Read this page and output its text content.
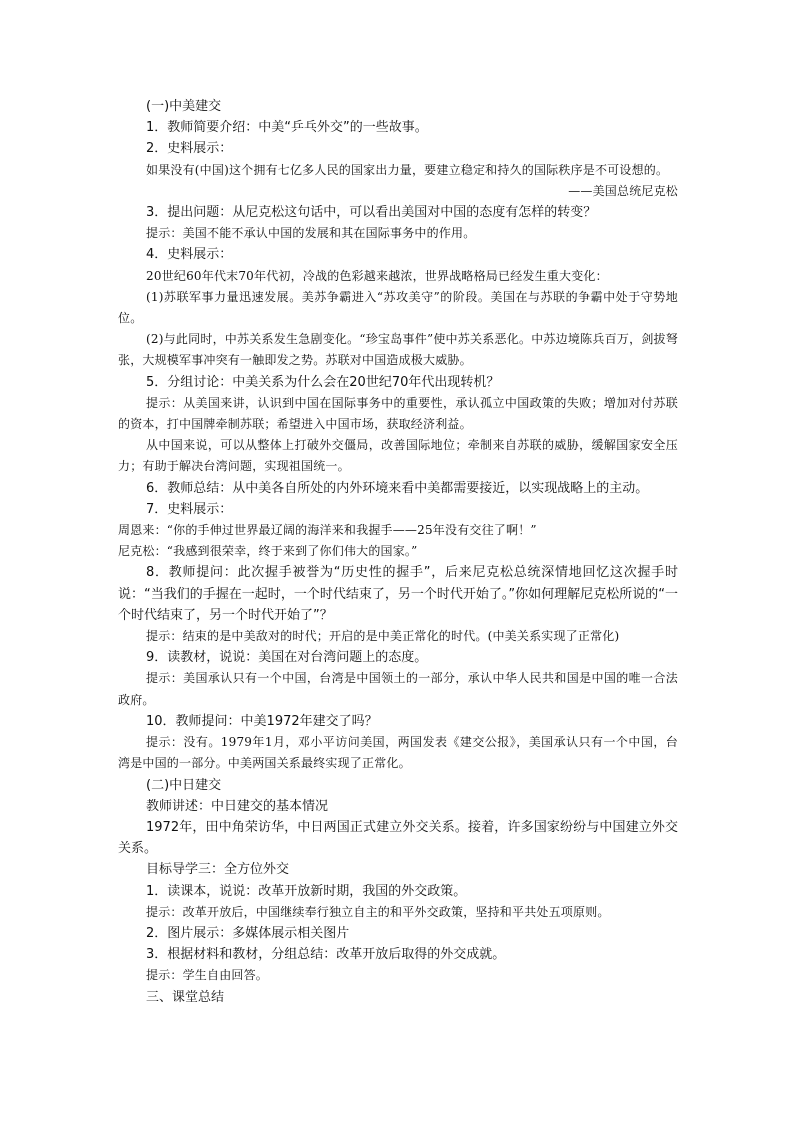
(一)中美建交

1．教师简要介绍：中美“乒乓外交”的一些故事。

2．史料展示：

如果没有(中国)这个拥有七亿多人民的国家出力量，要建立稳定和持久的国际秩序是不可设想的。

——美国总统尼克松

3．提出问题：从尼克松这句话中，可以看出美国对中国的态度有怎样的转变？

提示：美国不能不承认中国的发展和其在国际事务中的作用。

4．史料展示：

20世纪60年代末70年代初，冷战的色彩越来越浓，世界战略格局已经发生重大变化：

(1)苏联军事力量迅速发展。美苏争霸进入“苏攻美守”的阶段。美国在与苏联的争霸中处于守势地位。

(2)与此同时，中苏关系发生急剧变化。“珍宝岛事件”使中苏关系恶化。中苏边境陈兵百万，剑拔弩张，大规模军事冲突有一触即发之势。苏联对中国造成极大威胁。

5．分组讨论：中美关系为什么会在20世纪70年代出现转机？

提示：从美国来讲，认识到中国在国际事务中的重要性，承认孤立中国政策的失败；增加对付苏联的资本，打中国牌牵制苏联；希望进入中国市场，获取经济利益。

从中国来说，可以从整体上打破外交僵局，改善国际地位；牵制来自苏联的威胁，缓解国家安全压力；有助于解决台湾问题，实现祖国统一。

6．教师总结：从中美各自所处的内外环境来看中美都需要接近，以实现战略上的主动。

7．史料展示：

周恩来：“你的手伸过世界最辽阔的海洋来和我握手——25年没有交往了啊！”

尼克松：“我感到很荣幸，终于来到了你们伟大的国家。”

8．教师提问：此次握手被誉为“历史性的握手”，后来尼克松总统深情地回忆这次握手时说：“当我们的手握在一起时，一个时代结束了，另一个时代开始了。”你如何理解尼克松所说的“一个时代结束了，另一个时代开始了”？

提示：结束的是中美敌对的时代；开启的是中美正常化的时代。(中美关系实现了正常化)

9．读教材，说说：美国在对台湾问题上的态度。

提示：美国承认只有一个中国，台湾是中国领土的一部分，承认中华人民共和国是中国的唯一合法政府。

10．教师提问：中美1972年建交了吗？

提示：没有。1979年1月，邓小平访问美国，两国发表《建交公报》，美国承认只有一个中国，台湾是中国的一部分。中美两国关系最终实现了正常化。

(二)中日建交

教师讲述：中日建交的基本情况

1972年，田中角荣访华，中日两国正式建立外交关系。接着，许多国家纷纷与中国建立外交关系。

目标导学三：全方位外交

1．读课本，说说：改革开放新时期，我国的外交政策。

提示：改革开放后，中国继续奉行独立自主的和平外交政策，坚持和平共处五项原则。

2．图片展示：多媒体展示相关图片

3．根据材料和教材，分组总结：改革开放后取得的外交成就。

提示：学生自由回答。

三、课堂总结
